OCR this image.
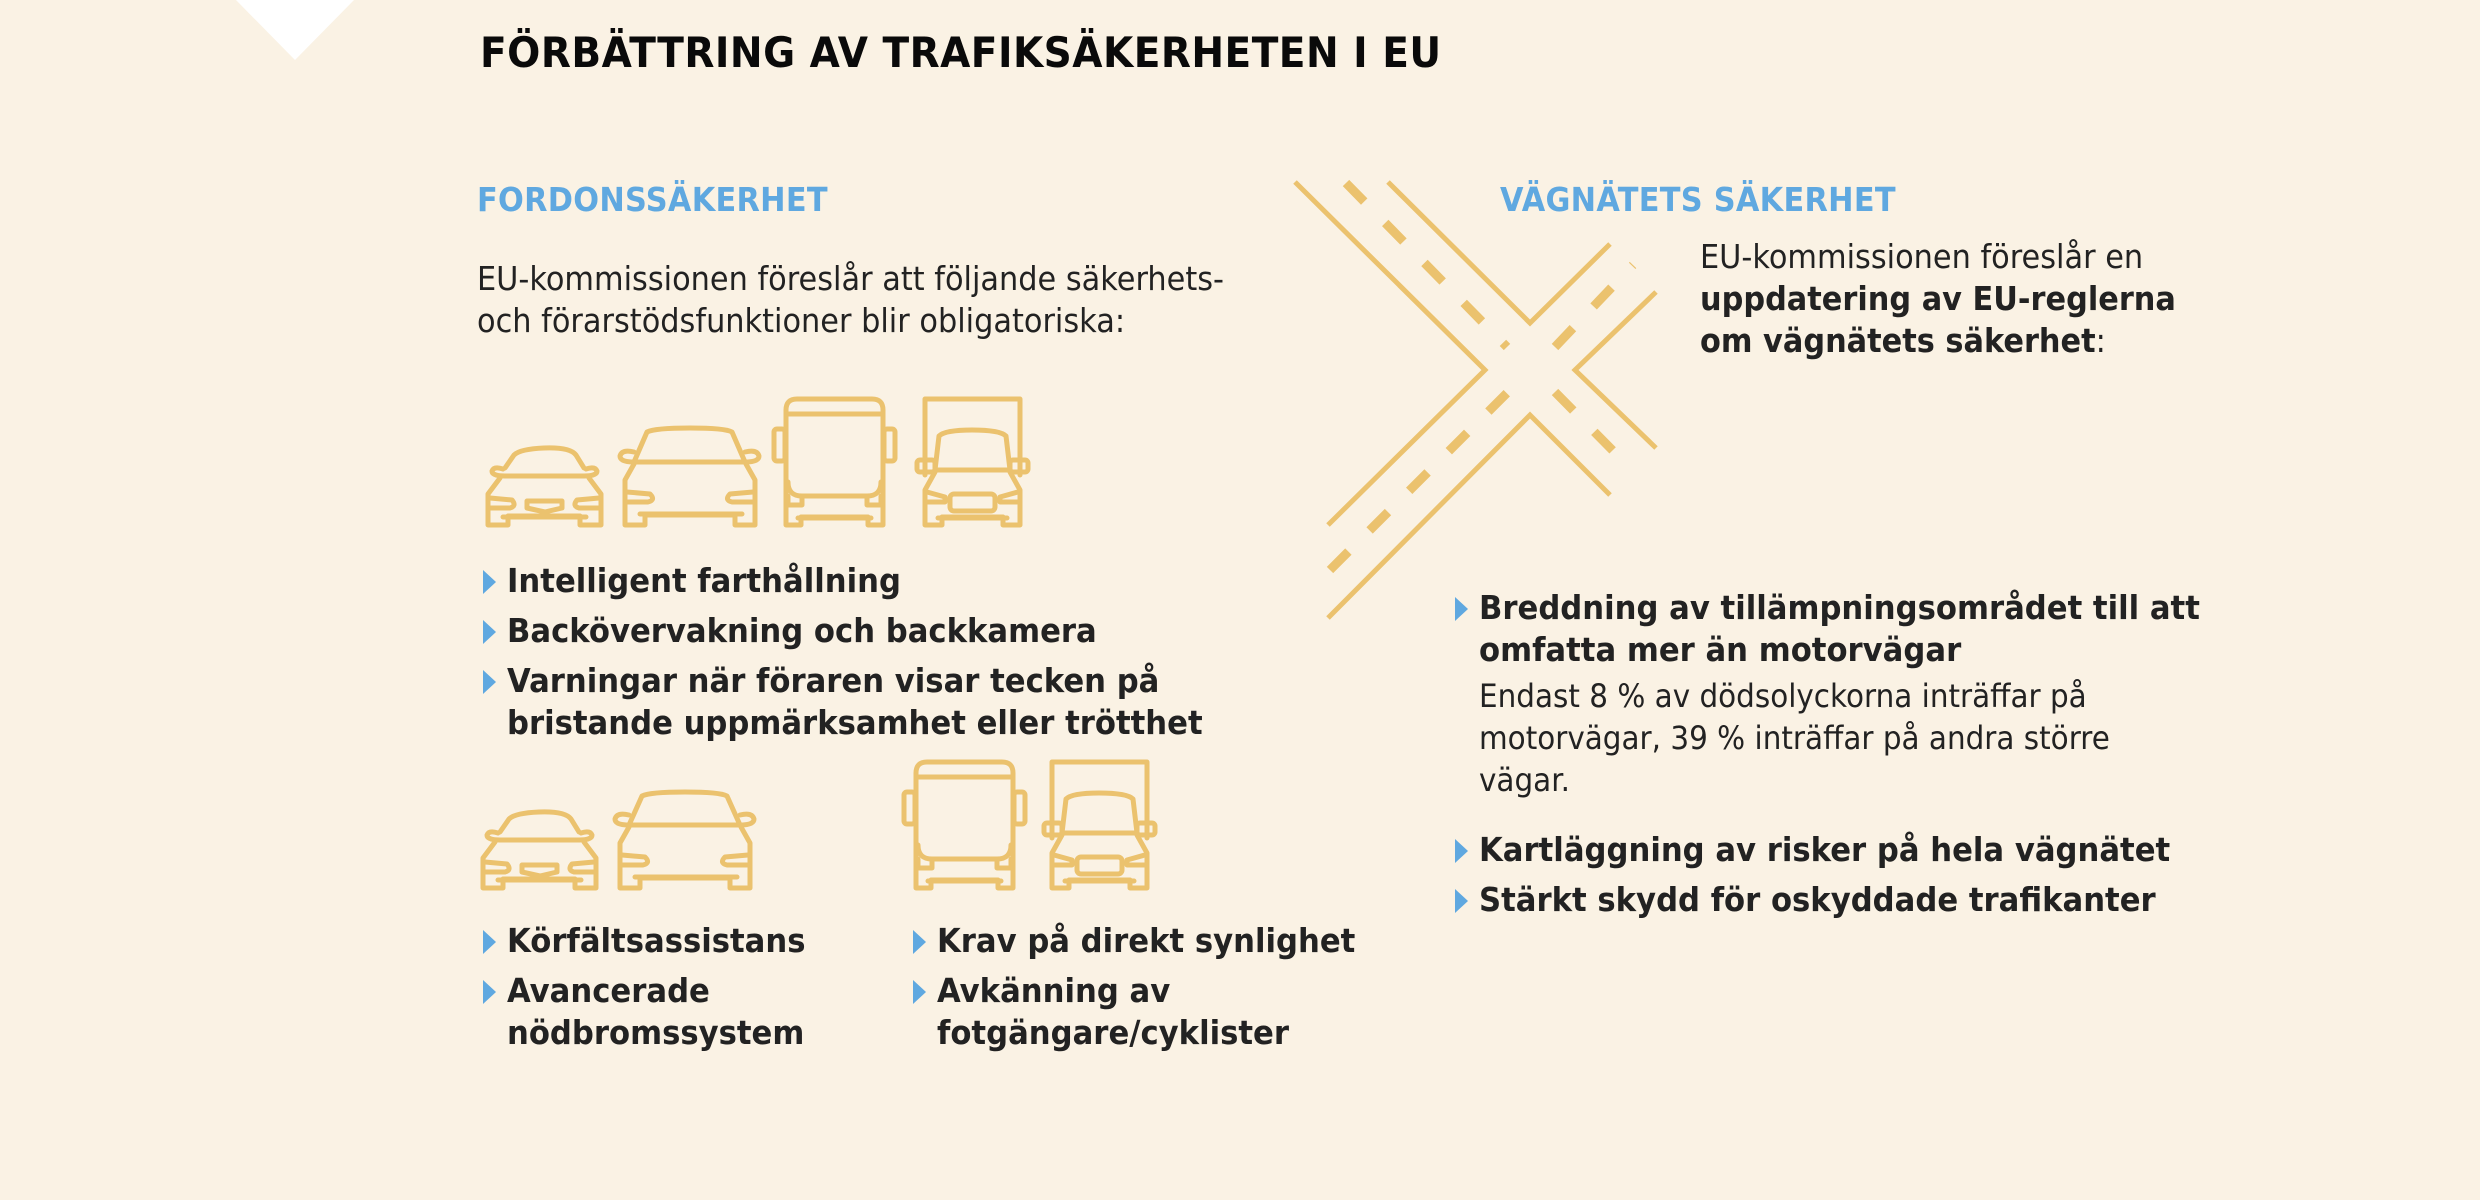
FÖRBÄTTRING AV TRAFIKSÄKERHETEN I EU
FORDONSSÄKERHET
EU-kommissionen föreslår att följande säkerhets-
och förarstödsfunktioner blir obligatoriska:
Intelligent farthållning
Backövervakning och backkamera
Varningar när föraren visar tecken på
bristande uppmärksamhet eller trötthet
Körfältsassistans
Avancerade
nödbromssystem
Krav på direkt synlighet
Avkänning av
fotgängare/cyklister
VÄGNÄTETS SÄKERHET
EU-kommissionen föreslår en
uppdatering av EU-reglerna
om vägnätets säkerhet:
Breddning av tillämpningsområdet till att
omfatta mer än motorvägar
Endast 8 % av dödsolyckorna inträffar på
motorvägar, 39 % inträffar på andra större
vägar.
Kartläggning av risker på hela vägnätet
Stärkt skydd för oskyddade trafikanter
